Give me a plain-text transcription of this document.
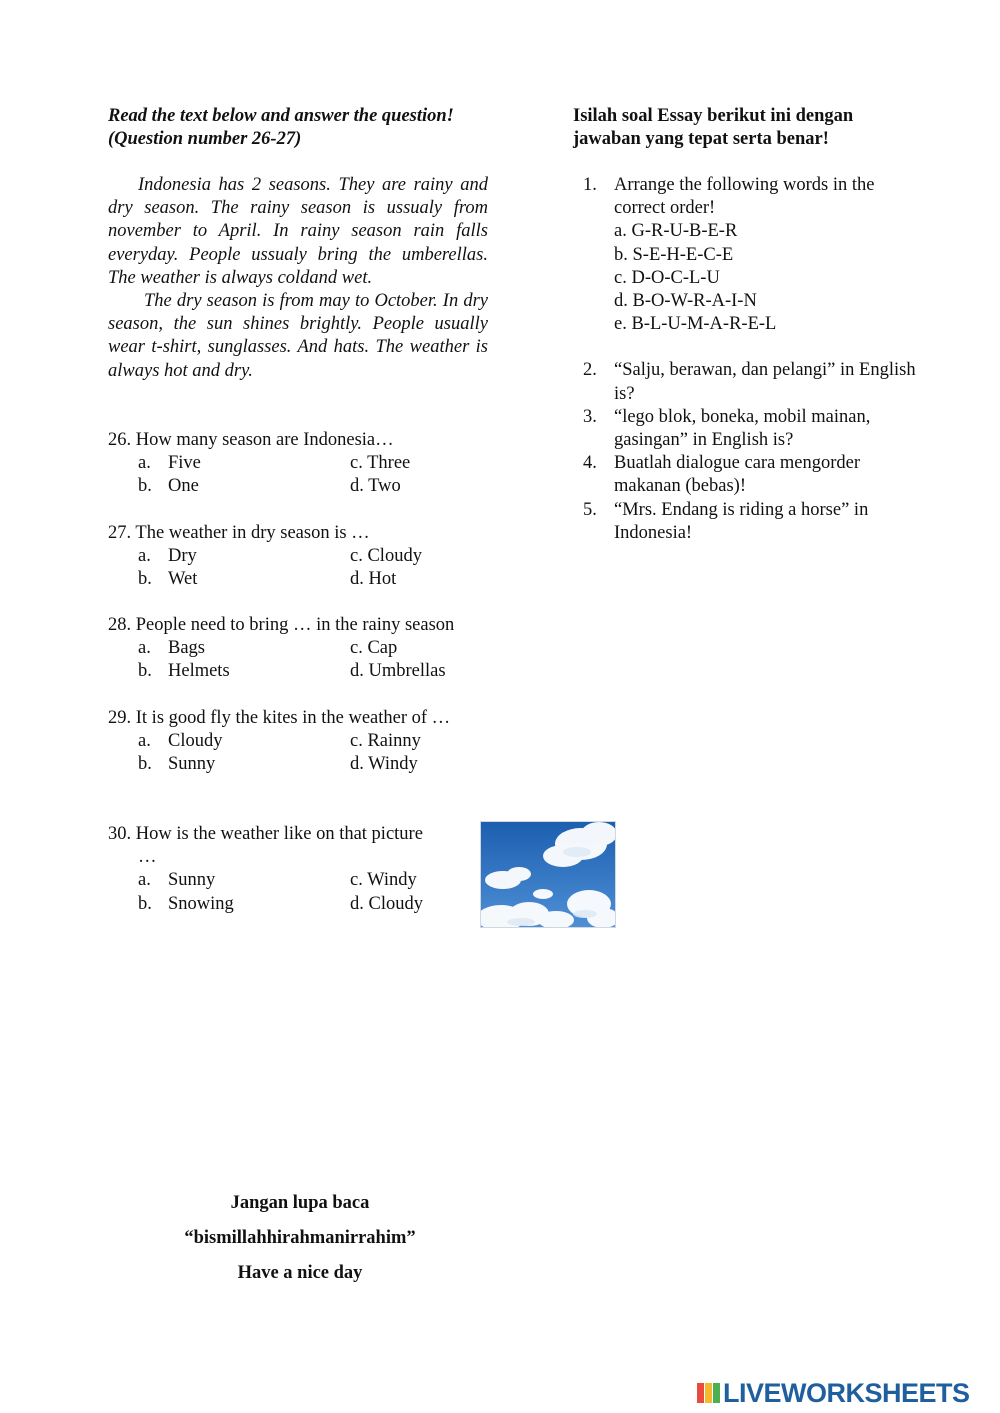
Read the text below and answer the question!
(Question number 26-27)

Indonesia has 2 seasons. They are rainy and dry season. The rainy season is ussualy from november to April. In rainy season rain falls everyday. People ussualy bring the umberellas. The weather is always coldand wet.

The dry season is from may to October. In dry season, the sun shines brightly. People usually wear t-shirt, sunglasses. And hats. The weather is always hot and dry.

26. How many season are Indonesia…
a. Five	c. Three
b. One	d. Two
27. The weather in dry season is …
a. Dry	c. Cloudy
b. Wet	d. Hot
28. People need to bring … in the rainy season
a. Bags	c. Cap
b. Helmets	d. Umbrellas
29. It is good fly the kites in the weather of …
a. Cloudy	c. Rainny
b. Sunny	d. Windy
30. How is the weather like on that picture
…
a. Sunny	c. Windy
b. Snowing	d. Cloudy
Isilah soal Essay berikut ini dengan
jawaban yang tepat serta benar!
1. Arrange the following words in the
correct order!
a. G-R-U-B-E-R
b. S-E-H-E-C-E
c. D-O-C-L-U
d. B-O-W-R-A-I-N
e. B-L-U-M-A-R-E-L
2. “Salju, berawan, dan pelangi” in English
is?
3. “lego blok, boneka, mobil mainan,
gasingan” in English is?
4. Buatlah dialogue cara mengorder
makanan (bebas)!
5. “Mrs. Endang is riding a horse” in
Indonesia!
Jangan lupa baca
“bismillahhirahmanirrahim”
Have a nice day
LIVEWORKSHEETS
